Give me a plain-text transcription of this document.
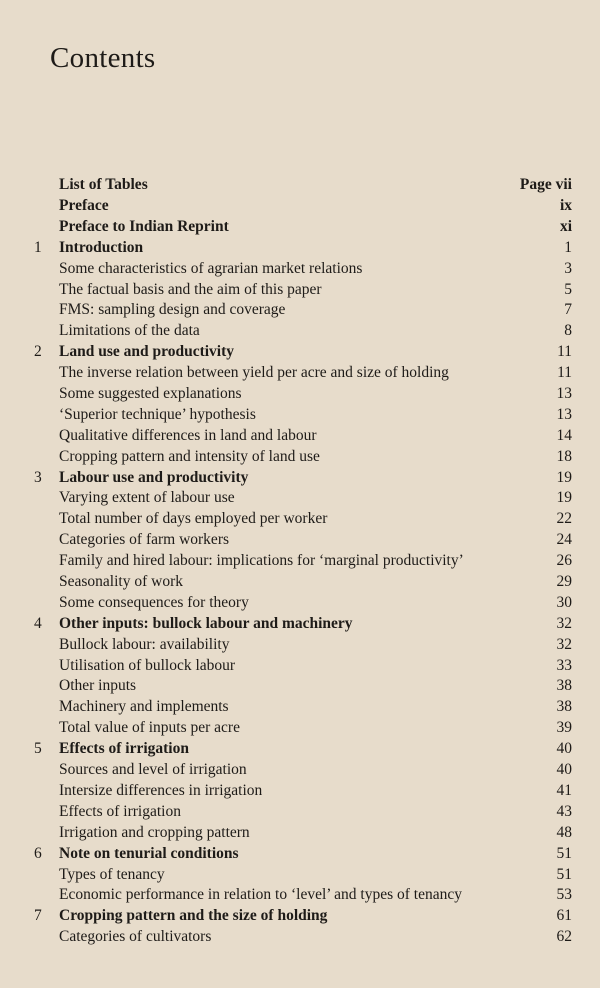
Contents
List of Tables	Page vii
Preface	ix
Preface to Indian Reprint	xi
1	Introduction	1
Some characteristics of agrarian market relations	3
The factual basis and the aim of this paper	5
FMS: sampling design and coverage	7
Limitations of the data	8
2	Land use and productivity	11
The inverse relation between yield per acre and size of holding	11
Some suggested explanations	13
‘Superior technique’ hypothesis	13
Qualitative differences in land and labour	14
Cropping pattern and intensity of land use	18
3	Labour use and productivity	19
Varying extent of labour use	19
Total number of days employed per worker	22
Categories of farm workers	24
Family and hired labour: implications for ‘marginal productivity’	26
Seasonality of work	29
Some consequences for theory	30
4	Other inputs: bullock labour and machinery	32
Bullock labour: availability	32
Utilisation of bullock labour	33
Other inputs	38
Machinery and implements	38
Total value of inputs per acre	39
5	Effects of irrigation	40
Sources and level of irrigation	40
Intersize differences in irrigation	41
Effects of irrigation	43
Irrigation and cropping pattern	48
6	Note on tenurial conditions	51
Types of tenancy	51
Economic performance in relation to ‘level’ and types of tenancy	53
7	Cropping pattern and the size of holding	61
Categories of cultivators	62
